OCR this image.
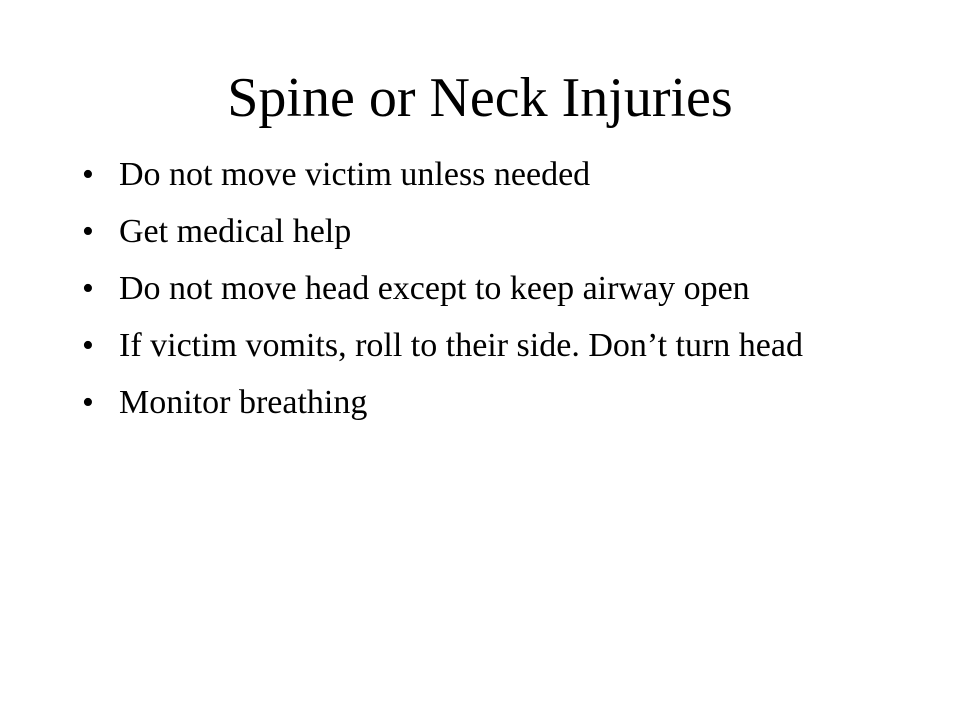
Spine or Neck Injuries
• Do not move victim unless needed
• Get medical help
• Do not move head except to keep airway open
• If victim vomits, roll to their side. Don’t turn head
• Monitor breathing
